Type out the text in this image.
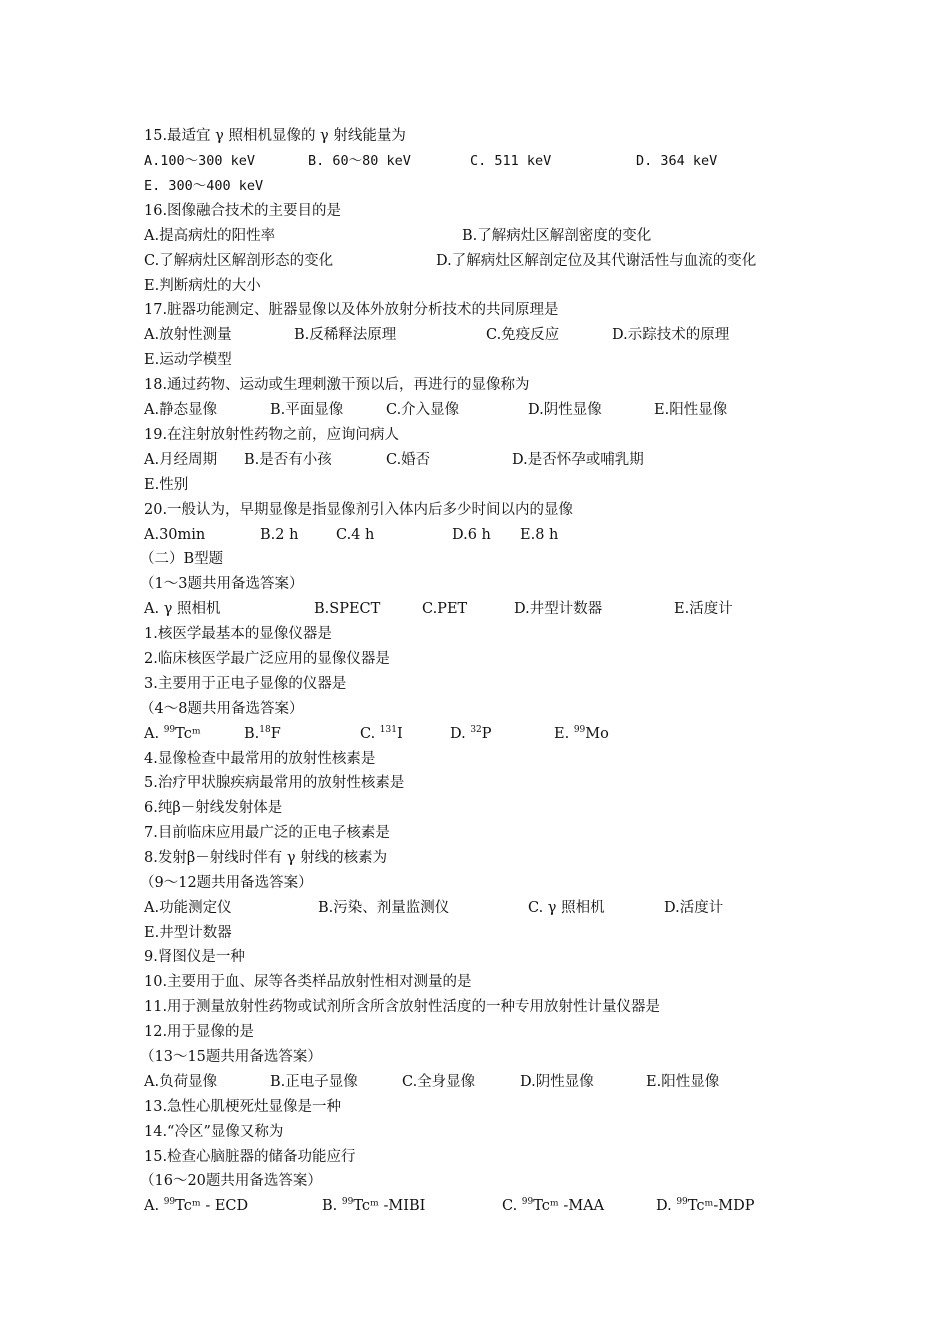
15.最适宜 γ 照相机显像的 γ 射线能量为
A.100～300 keV	B. 60～80 keV	C. 511 keV	D. 364 keV
E. 300～400 keV
16.图像融合技术的主要目的是
A.提高病灶的阳性率	B.了解病灶区解剖密度的变化
C.了解病灶区解剖形态的变化	D.了解病灶区解剖定位及其代谢活性与血流的变化
E.判断病灶的大小
17.脏器功能测定、脏器显像以及体外放射分析技术的共同原理是
A.放射性测量	B.反稀释法原理	C.免疫反应	D.示踪技术的原理
E.运动学模型
18.通过药物、运动或生理刺激干预以后，再进行的显像称为
A.静态显像	B.平面显像	C.介入显像	D.阴性显像	E.阳性显像
19.在注射放射性药物之前，应询问病人
A.月经周期 B.是否有小孩	C.婚否	D.是否怀孕或哺乳期
E.性别
20.一般认为，早期显像是指显像剂引入体内后多少时间以内的显像
A.30min	B.2 h	C.4 h	D.6 h E.8 h
（二）B型题
（1～3题共用备选答案）
A. γ 照相机	B.SPECT	C.PET	D.井型计数器	E.活度计
1.核医学最基本的显像仪器是
2.临床核医学最广泛应用的显像仪器是
3.主要用于正电子显像的仪器是
（4～8题共用备选答案）
A. $^{99}$Tcᵐ	B.$^{18}$F	C. $^{131}$I	D. $^{32}$P	E. $^{99}$Mo
4.显像检查中最常用的放射性核素是
5.治疗甲状腺疾病最常用的放射性核素是
6.纯β－射线发射体是
7.目前临床应用最广泛的正电子核素是
8.发射β－射线时伴有 γ 射线的核素为
（9～12题共用备选答案）
A.功能测定仪	B.污染、剂量监测仪	C. γ 照相机	D.活度计
E.井型计数器
9.肾图仪是一种
10.主要用于血、尿等各类样品放射性相对测量的是
11.用于测量放射性药物或试剂所含所含放射性活度的一种专用放射性计量仪器是
12.用于显像的是
（13～15题共用备选答案）
A.负荷显像	B.正电子显像	C.全身显像	D.阴性显像	E.阳性显像
13.急性心肌梗死灶显像是一种
14.“冷区”显像又称为
15.检查心脑脏器的储备功能应行
（16～20题共用备选答案）
A. $^{99}$Tcᵐ - ECD	B. $^{99}$Tcᵐ -MIBI	C. $^{99}$Tcᵐ -MAA	D. $^{99}$Tcᵐ-MDP
